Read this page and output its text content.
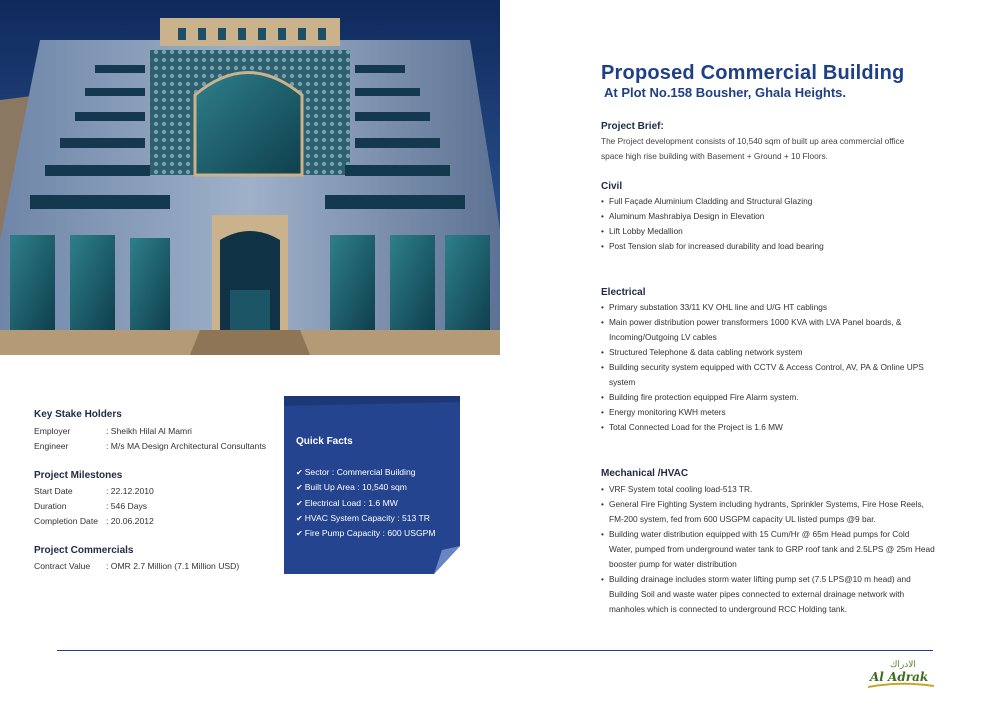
Proposed Commercial Building
At Plot No.158 Bousher, Ghala Heights.
Project Brief:
The Project development consists of 10,540 sqm of built up area commercial office
space high rise building with Basement + Ground + 10 Floors.
Civil
• Full Façade Aluminium Cladding and Structural Glazing
• Aluminum Mashrabiya Design in Elevation
• Lift Lobby Medallion
• Post Tension slab for increased durability and load bearing
Electrical
• Primary substation 33/11 KV OHL line and U/G HT cablings
• Main power distribution power transformers 1000 KVA with LVA Panel boards, &
Incoming/Outgoing LV cables
• Structured Telephone & data cabling network system
• Building security system equipped with CCTV & Access Control, AV, PA & Online UPS
system
• Building fire protection equipped Fire Alarm system.
• Energy monitoring KWH meters
• Total Connected Load for the Project is 1.6 MW
Mechanical /HVAC
• VRF System total cooling load-513 TR.
• General Fire Fighting System including hydrants, Sprinkler Systems, Fire Hose Reels,
FM-200 system, fed from 600 USGPM capacity UL listed pumps @9 bar.
• Building water distribution equipped with 15 Cum/Hr @ 65m Head pumps for Cold
Water, pumped from underground water tank to GRP roof tank and 2.5LPS @ 25m Head
booster pump for water distribution
• Building drainage includes storm water lifting pump set (7.5 LPS@10 m head) and
Building Soil and waste water pipes connected to external drainage network with
manholes which is connected to underground RCC Holding tank.
Key Stake Holders
Employer	: Sheikh Hilal Al Mamri
Engineer	: M/s MA Design Architectural Consultants
Project Milestones
Start Date	: 22.12.2010
Duration	: 546 Days
Completion Date : 20.06.2012
Project Commercials
Contract Value	: OMR 2.7 Million (7.1 Million USD)
Quick Facts
✔ Sector : Commercial Building
✔ Built Up Area : 10,540 sqm
✔ Electrical Load : 1.6 MW
✔ HVAC System Capacity : 513 TR
✔ Fire Pump Capacity : 600 USGPM
الادراك
Al Adrak
